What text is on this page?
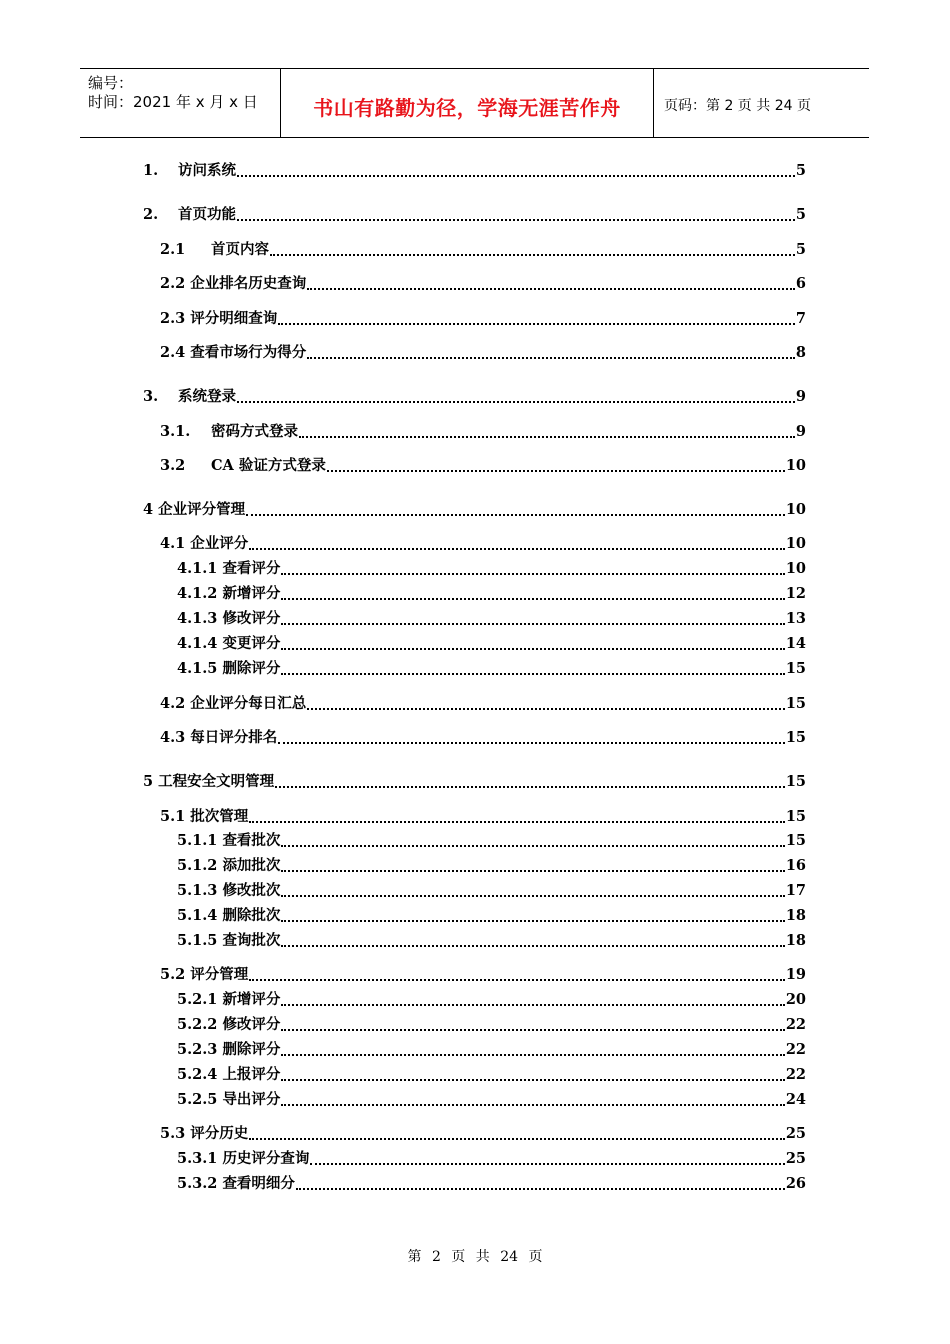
编号：
时间：2021 年 x 月 x 日	书山有路勤为径，学海无涯苦作舟	页码：第 2 页 共 24 页
1. 访问系统	5
2. 首页功能	5
2.1 首页内容	5
2.2 企业排名历史查询	6
2.3 评分明细查询	7
2.4 查看市场行为得分	8
3. 系统登录	9
3.1. 密码方式登录	9
3.2 CA 验证方式登录	10
4 企业评分管理	10
4.1 企业评分	10
4.1.1 查看评分	10
4.1.2 新增评分	12
4.1.3 修改评分	13
4.1.4 变更评分	14
4.1.5 删除评分	15
4.2 企业评分每日汇总	15
4.3 每日评分排名	15
5 工程安全文明管理	15
5.1 批次管理	15
5.1.1 查看批次	15
5.1.2 添加批次	16
5.1.3 修改批次	17
5.1.4 删除批次	18
5.1.5 查询批次	18
5.2 评分管理	19
5.2.1 新增评分	20
5.2.2 修改评分	22
5.2.3 删除评分	22
5.2.4 上报评分	22
5.2.5 导出评分	24
5.3 评分历史	25
5.3.1 历史评分查询	25
5.3.2 查看明细分	26
第 2 页 共 24 页
